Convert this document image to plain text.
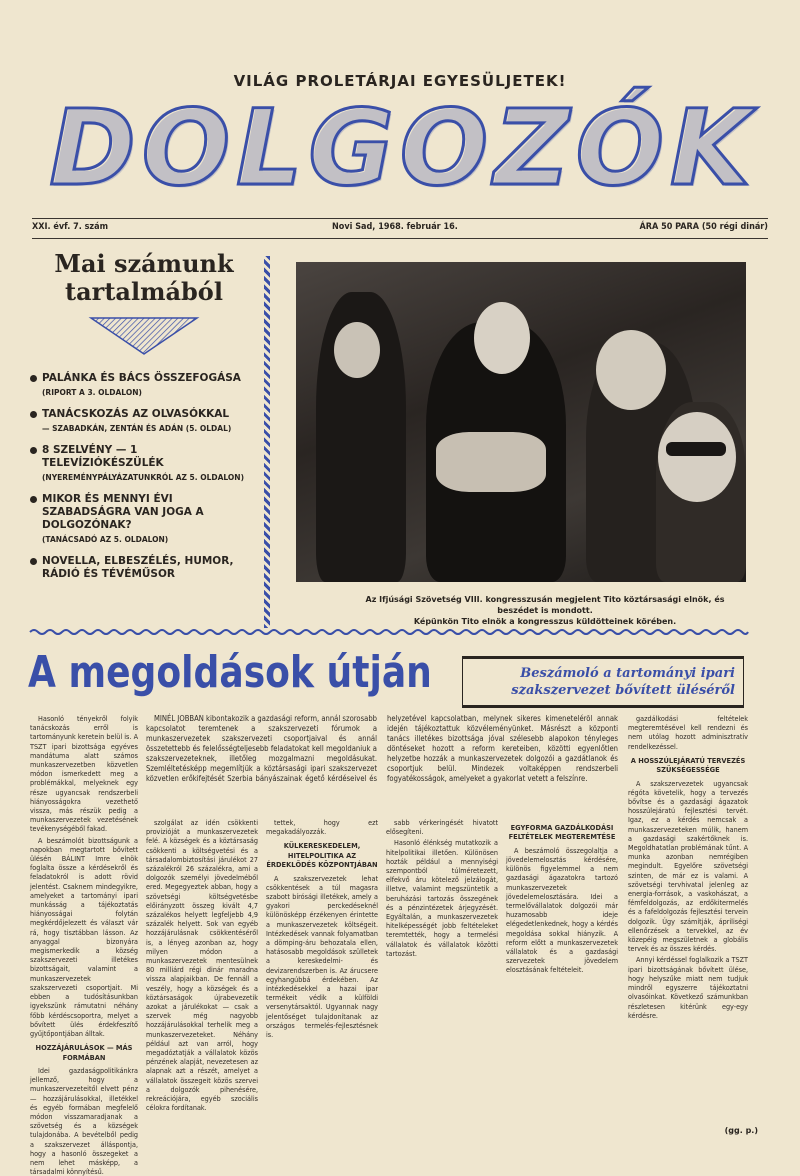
VILÁG PROLETÁRJAI EGYESÜLJETEK!
DOLGOZÓK
XXI. évf. 7. szám	Novi Sad, 1968. február 16.	ÁRA 50 PARA (50 régi dinár)
Mai számunk
tartalmából
PALÁNKA ÉS BÁCS ÖSSZEFOGÁSA
(RIPORT A 3. OLDALON)
TANÁCSKOZÁS AZ OLVASÓKKAL
— SZABADKÁN, ZENTÁN ÉS ADÁN (5. OLDAL)
8 SZELVÉNY — 1 TELEVÍZIÓKÉSZÜLÉK
(NYEREMÉNYPÁLYÁZATUNKRÓL AZ 5. OLDALON)
MIKOR ÉS MENNYI ÉVI SZABADSÁGRA VAN JOGA A DOLGOZÓNAK?
(TANÁCSADÓ AZ 5. OLDALON)
NOVELLA, ELBESZÉLÉS, HUMOR, RÁDIÓ ÉS TÉVÉMŰSOR
Az Ifjúsági Szövetség VIII. kongresszusán megjelent Tito köztársasági elnök, és
beszédet is mondott.
Képünkön Tito elnök a kongresszus küldötteinek körében.
A megoldások útján	Beszámoló a tartományi ipari
szakszervezet bővített üléséről
Hasonló tényekről folyik tanácskozás erről is tartományunk keretein belül is. A TSZT ipari bizottsága egyéves mandátuma alatt számos munkaszervezetben közvetlen módon ismerkedett meg a problémákkal, melyeknek egy része ugyancsak rendszerbeli hiányosságokra vezethető vissza, más részük pedig a munkaszervezetek vezetésének tevékenységéből fakad.
A beszámolót bizottságunk a napokban megtartott bővített ülésén BÁLINT Imre elnök foglalta össze a kérdésekről és feladatokról is adott rövid jelentést. Csaknem mindegyikre, amelyeket a tartományi ipari munkásság a tájékoztatás hiányosságai folytán megkérdőjelezett és választ vár rá, hogy tisztábban lásson. Az anyaggal bizonyára megismerkedik a község szakszervezeti illetékes bizottságait, valamint a munkaszervezetek szakszervezeti csoportjait. Mi ebben a tudósításunkban igyekszünk rámutatni néhány főbb kérdéscsoportra, melyet a bővített ülés érdekfeszítő gyűjtőpontjában álltak.
HOZZÁJÁRULÁSOK — MÁS FORMÁBAN
Idei gazdaságpolitikánkra jellemző, hogy a munkaszervezeteitől elvett pénz — hozzájárulásokkal, illetékkel és egyéb formában megfelelő módon visszamaradjanak a szövetség és a községek tulajdonába. A bevételből pedig a szakszervezet álláspontja, hogy a hasonló összegeket a nem lehet másképp, a társadalmi könnyítésű.
MINÉL JOBBAN kibontakozik a gazdasági reform, annál szorosabb kapcsolatot teremtenek a szakszervezeti fórumok a munkaszervezetek szakszervezeti csoportjaival és annál összetettebb és felelősségteljesebb feladatokat kell megoldaniuk a szakszervezeteknek, illetőleg mozgalmazni megoldásukat. Szemléltetésképp megemlítjük a köztársasági ipari szakszervezet közvetlen erőkifejtését Szerbia bányászainak égető kérdéseivel és helyzetével kapcsolatban, melynek sikeres kimenetelérõl annak idején tájékoztattuk közvéleményünket. Másrészt a központi tanács illetékes bizottsága jóval szélesebb alapokon tényleges döntéseket hozott a reform kereteiben, közötti egyenlőtlen helyzetbe hozzák a munkaszervezetek dolgozói a gazdátlanok és csoportjuk belül. Mindezek voltaképpen rendszerbeli fogyatékosságok, amelyeket a gyakorlat vetett a felszínre.
szolgálat az idén csökkenti provizióját a munkaszervezetek felé. A községek és a köztársaság csökkenti a költségvetési és a társadalombiztosítási járulékot 27 százalékról 26 százalékra, ami a dolgozók személyi jövedelméből ered. Megegyeztek abban, hogy a szövetségi költségvetésbe előirányzott összeg kivált 4,7 százalékos helyett legfeljebb 4,9 százalék helyett. Sok van egyéb hozzájárulásnak csökkentéséről is, a lényeg azonban az, hogy milyen módon a munkaszervezetek mentesülnek 80 milliárd régi dinár maradna vissza alapjaikban. De fennáll a veszély, hogy a községek és a köztársaságok újrabevezetik azokat a járulékokat — csak a szervek még nagyobb hozzájárulásokkal terhelik meg a munkaszervezeteket. Néhány például azt van arról, hogy megadóztatják a vállalatok közös pénzének alapját, nevezetesen az alapnak azt a részét, amelyet a vállalatok összegeit közös szervei a dolgozók pihenésére, rekreációjára, egyéb szociális célokra fordítanak.
tettek, hogy ezt megakadályozzák.
KÜLKERESKEDELEM, HITELPOLITIKA AZ ÉRDEKLŐDÉS KÖZPONTJÁBAN
A szakszervezetek lehat csökkentések a túl magasra szabott bírósági illetékek, amely a gyakori perckedéseknél különösképp érzékenyen érintette a munkaszervezetek költségeit. Intézkedések vannak folyamatban a dömping-áru behozatala ellen, hatásosabb megoldások szülletek a kereskedelmi- és devizarendszerben is. Az árucsere egyhangúbbá érdekében. Az intézkedésekkel a hazai ipar termékeit védik a külföldi versenytársaktól. Ugyannak nagy jelentőséget tulajdonítanak az országos termelés-fejlesztésnek is.
sabb vérkeringését hivatott elősegíteni.
Hasonló élénkség mutatkozik a hitelpolitikai illetően. Különösen hozták például a mennyiségi szempontból túlméretezett, elfekvő áru kötelező jelzálogát, illetve, valamint megszüntetik a beruházási tartozás összegének és a pénzintézetek árjegyzését. Egyáltalán, a munkaszervezetek hitelképességét jobb feltételeket teremtették, hogy a termelési vállalatok és vállalatok közötti tartozást.
EGYFORMA GAZDÁLKODÁSI FELTÉTELEK MEGTEREMTÉSE
A beszámoló összegolaltja a jövedelemelosztás kérdésére, különös figyelemmel a nem gazdasági ágazatokra tartozó munkaszervezetek jövedelemelosztására. Idei a termelővállalatok dolgozói már huzamosabb ideje elégedetlenkednek, hogy a kérdés megoldása sokkal hiányzik. A reform előtt a munkaszervezetek vállalatok és a gazdasági szervezetek jövedelem elosztásának feltételeit.
gazdálkodási feltételek megteremtésével kell rendezni és nem utólag hozott adminisztratív rendelkezéssel.
A HOSSZÚLEJÁRATÚ TERVEZÉS SZÜKSÉGESSÉGE
A szakszervezetek ugyancsak régóta követelik, hogy a tervezés bővítse és a gazdasági ágazatok hosszúlejáratú fejlesztési tervét. Igaz, ez a kérdés nemcsak a munkaszervezeteken múlik, hanem a gazdasági szakértőknek is. Megoldhatatlan problémának tűnt. A munka azonban nemrégiben megindult. Egyelőre szövetségi szinten, de már ez is valami. A szövetségi tervhivatal jelenleg az energia-források, a vaskohászat, a fémfeldolgozás, az erdőkitermelés és a fafeldolgozás fejlesztési tervein dolgozik. Úgy számítják, ápriliségi ellenőrzések a tervekkel, az év közepéig megszületnek a globális tervek és az összes kérdés.
Annyi kérdéssel foglalkozik a TSZT ipari bizottságának bővített ülése, hogy helyszűke miatt nem tudjuk mindről egyszerre tájékoztatni olvasóinkat. Következő számunkban részletesen kitérünk egy-egy kérdésre.
(gg. p.)
